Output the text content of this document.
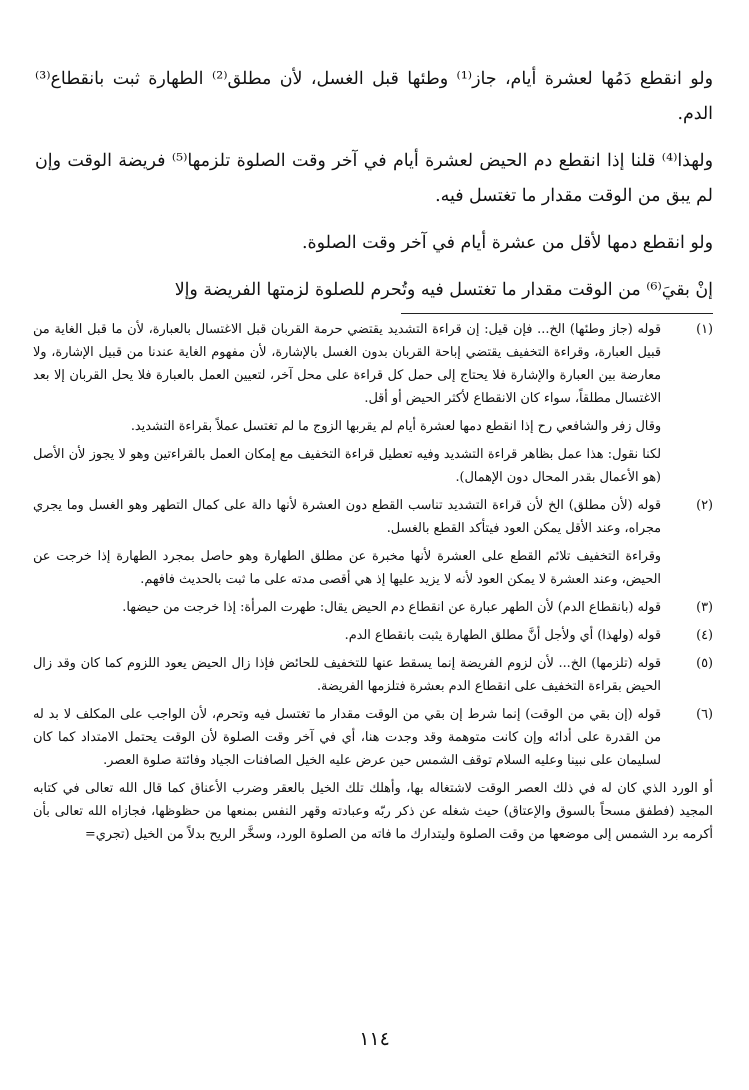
ولو انقطع دَمُها لعشرة أيام، جاز⁽¹⁾ وطئها قبل الغسل، لأن مطلق⁽²⁾ الطهارة ثبت بانقطاع⁽³⁾ الدم.

ولهذا⁽⁴⁾ قلنا إذا انقطع دم الحيض لعشرة أيام في آخر وقت الصلوة تلزمها⁽⁵⁾ فريضة الوقت وإن لم يبق من الوقت مقدار ما تغتسل فيه.

ولو انقطع دمها لأقل من عشرة أيام في آخر وقت الصلوة.

إنْ بقيَ⁽⁶⁾ من الوقت مقدار ما تغتسل فيه وتُحرم للصلوة لزمتها الفريضة وإلا

(١)

قوله (جاز وطئها) الخ... فإن قيل: إن قراءة التشديد يقتضي حرمة القربان قبل الاغتسال بالعبارة، لأن ما قبل الغاية من قبيل العبارة، وقراءة التخفيف يقتضي إباحة القربان بدون الغسل بالإشارة، لأن مفهوم الغاية عندنا من قبيل الإشارة، ولا معارضة بين العبارة والإشارة فلا يحتاج إلى حمل كل قراءة على محل آخر، لتعيين العمل بالعبارة فلا يحل القربان إلا بعد الاغتسال مطلقاً، سواء كان الانقطاع لأكثر الحيض أو أقل.

وقال زفر والشافعي رح إذا انقطع دمها لعشرة أيام لم يقربها الزوج ما لم تغتسل عملاً بقراءة التشديد.

لكنا نقول: هذا عمل بظاهر قراءة التشديد وفيه تعطيل قراءة التخفيف مع إمكان العمل بالقراءتين وهو لا يجوز لأن الأصل (هو الأعمال بقدر المحال دون الإهمال).

(٢)

قوله (لأن مطلق) الخ لأن قراءة التشديد تناسب القطع دون العشرة لأنها دالة على كمال التطهر وهو الغسل وما يجري مجراه، وعند الأقل يمكن العود فيتأكد القطع بالغسل.

وقراءة التخفيف تلائم القطع على العشرة لأنها مخبرة عن مطلق الطهارة وهو حاصل بمجرد الطهارة إذا خرجت عن الحيض، وعند العشرة لا يمكن العود لأنه لا يزيد عليها إذ هي أقصى مدته على ما ثبت بالحديث فافهم.

(٣)

قوله (بانقطاع الدم) لأن الطهر عبارة عن انقطاع دم الحيض يقال: طهرت المرأة: إذا خرجت من حيضها.

(٤)

قوله (ولهذا) أي ولأجل أنَّ مطلق الطهارة يثبت بانقطاع الدم.

(٥)

قوله (تلزمها) الخ... لأن لزوم الفريضة إنما يسقط عنها للتخفيف للحائض فإذا زال الحيض يعود اللزوم كما كان وقد زال الحيض بقراءة التخفيف على انقطاع الدم بعشرة فتلزمها الفريضة.

(٦)

قوله (إن بقي من الوقت) إنما شرط إن بقي من الوقت مقدار ما تغتسل فيه وتحرم، لأن الواجب على المكلف لا بد له من القدرة على أدائه وإن كانت متوهمة وقد وجدت هنا، أي في آخر وقت الصلوة لأن الوقت يحتمل الامتداد كما كان لسليمان على نبينا وعليه السلام توقف الشمس حين عرض عليه الخيل الصافنات الجياد وفائتة صلوة العصر.

أو الورد الذي كان له في ذلك العصر الوقت لاشتغاله بها، وأهلك تلك الخيل بالعقر وضرب الأعناق كما قال الله تعالى في كتابه المجيد (فطفق مسحاً بالسوق والإعتاق) حيث شغله عن ذكر ربّه وعبادته وقهر النفس بمنعها من حظوظها، فجازاه الله تعالى بأن أكرمه برد الشمس إلى موضعها من وقت الصلوة وليتدارك ما فاته من الصلوة الورد، وسخَّر الريح بدلاً من الخيل (تجري=

١١٤
